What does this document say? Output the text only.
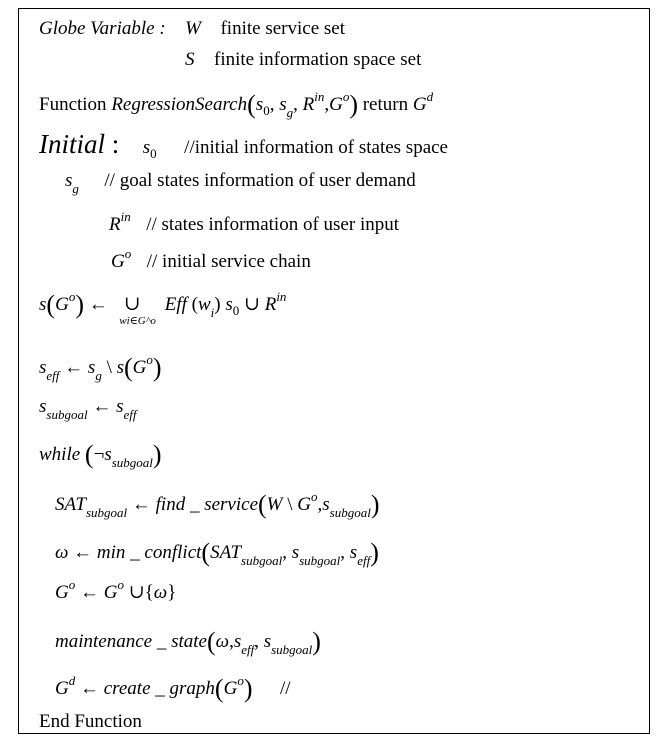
Globe Variable : W finite service set
S finite information space set
Function $RegressionSearch(s_0$, $s_g$, $R^{in},G^o$) return $G^d$
Initial : $s_0$ //initial information of states space
$s_g$ // goal states information of user demand
$R^{in}$ // states information of user input
$G^o$ // initial service chain
$s(G^o)$ ← ∪
wi∈G^o
Eff $(w_i)$ $s_0$ ∪ $R^{in}$
$s_{eff}$ ← $s_g$ \ $s(G^o)$
$s_{subgoal}$ ← $s_{eff}$
while $(\neg s_{subgoal})$
$SAT_{subgoal}$ ← find _ service(W \ $G^o,s_{subgoal}$)
ω ← min _ $conflict(SAT_{subgoal}$, $s_{subgoal}$, $s_{eff}$)
$G^o$ ← $G^o$ ∪{ω}
maintenance _ $state(\omega,s_{eff}$, $s_{subgoal}$)
$G^d$ ← create _ $graph(G^o)$ //
End Function
